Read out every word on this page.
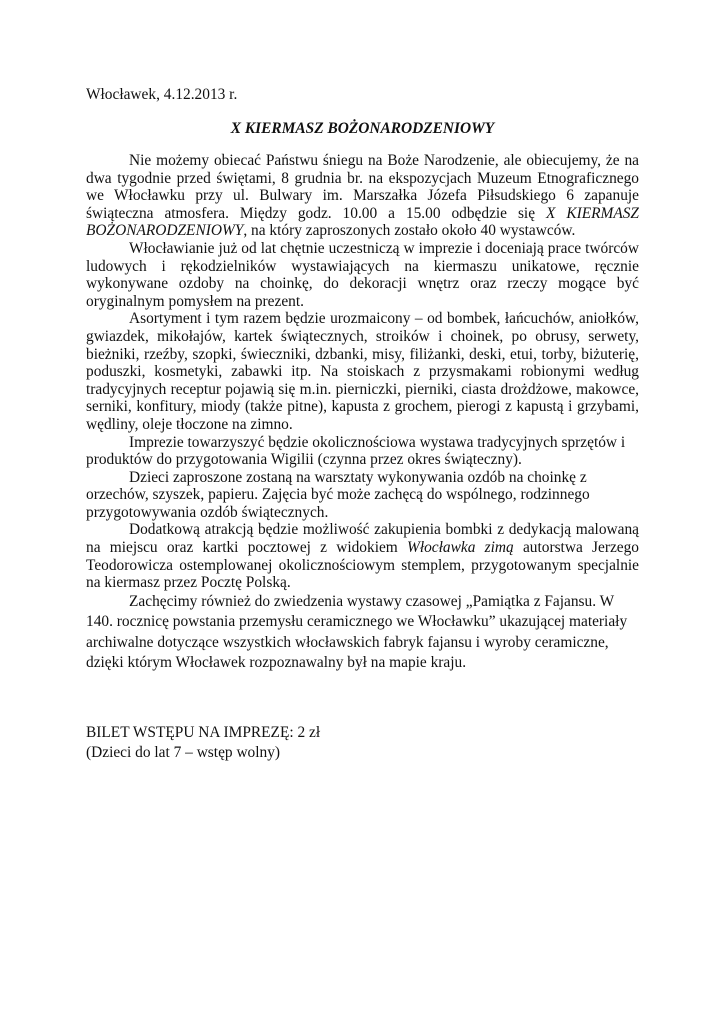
Włocławek, 4.12.2013 r.

X KIERMASZ BOŻONARODZENIOWY

Nie możemy obiecać Państwu śniegu na Boże Narodzenie, ale obiecujemy, że na dwa tygodnie przed świętami, 8 grudnia br. na ekspozycjach Muzeum Etnograficznego we Włocławku przy ul. Bulwary im. Marszałka Józefa Piłsudskiego 6 zapanuje świąteczna atmosfera. Między godz. 10.00 a 15.00 odbędzie się X KIERMASZ BOŻONARODZENIOWY, na który zaproszonych zostało około 40 wystawców.

Włocławianie już od lat chętnie uczestniczą w imprezie i doceniają prace twórców ludowych i rękodzielników wystawiających na kiermaszu unikatowe, ręcznie wykonywane ozdoby na choinkę, do dekoracji wnętrz oraz rzeczy mogące być oryginalnym pomysłem na prezent.

Asortyment i tym razem będzie urozmaicony – od bombek, łańcuchów, aniołków, gwiazdek, mikołajów, kartek świątecznych, stroików i choinek, po obrusy, serwety, bieżniki, rzeźby, szopki, świeczniki, dzbanki, misy, filiżanki, deski, etui, torby, biżuterię, poduszki, kosmetyki, zabawki itp. Na stoiskach z przysmakami robionymi według tradycyjnych receptur pojawią się m.in. pierniczki, pierniki, ciasta drożdżowe, makowce, serniki, konfitury, miody (także pitne), kapusta z grochem, pierogi z kapustą i grzybami, wędliny, oleje tłoczone na zimno.

Imprezie towarzyszyć będzie okolicznościowa wystawa tradycyjnych sprzętów i produktów do przygotowania Wigilii (czynna przez okres świąteczny).

Dzieci zaproszone zostaną na warsztaty wykonywania ozdób na choinkę z orzechów, szyszek, papieru. Zajęcia być może zachęcą do wspólnego, rodzinnego przygotowywania ozdób świątecznych.

Dodatkową atrakcją będzie możliwość zakupienia bombki z dedykacją malowaną na miejscu oraz kartki pocztowej z widokiem Włocławka zimą autorstwa Jerzego Teodorowicza ostemplowanej okolicznościowym stemplem, przygotowanym specjalnie na kiermasz przez Pocztę Polską.

Zachęcimy również do zwiedzenia wystawy czasowej „Pamiątka z Fajansu. W 140. rocznicę powstania przemysłu ceramicznego we Włocławku” ukazującej materiały archiwalne dotyczące wszystkich włocławskich fabryk fajansu i wyroby ceramiczne, dzięki którym Włocławek rozpoznawalny był na mapie kraju.

BILET WSTĘPU NA IMPREZĘ: 2 zł

(Dzieci do lat 7 – wstęp wolny)
